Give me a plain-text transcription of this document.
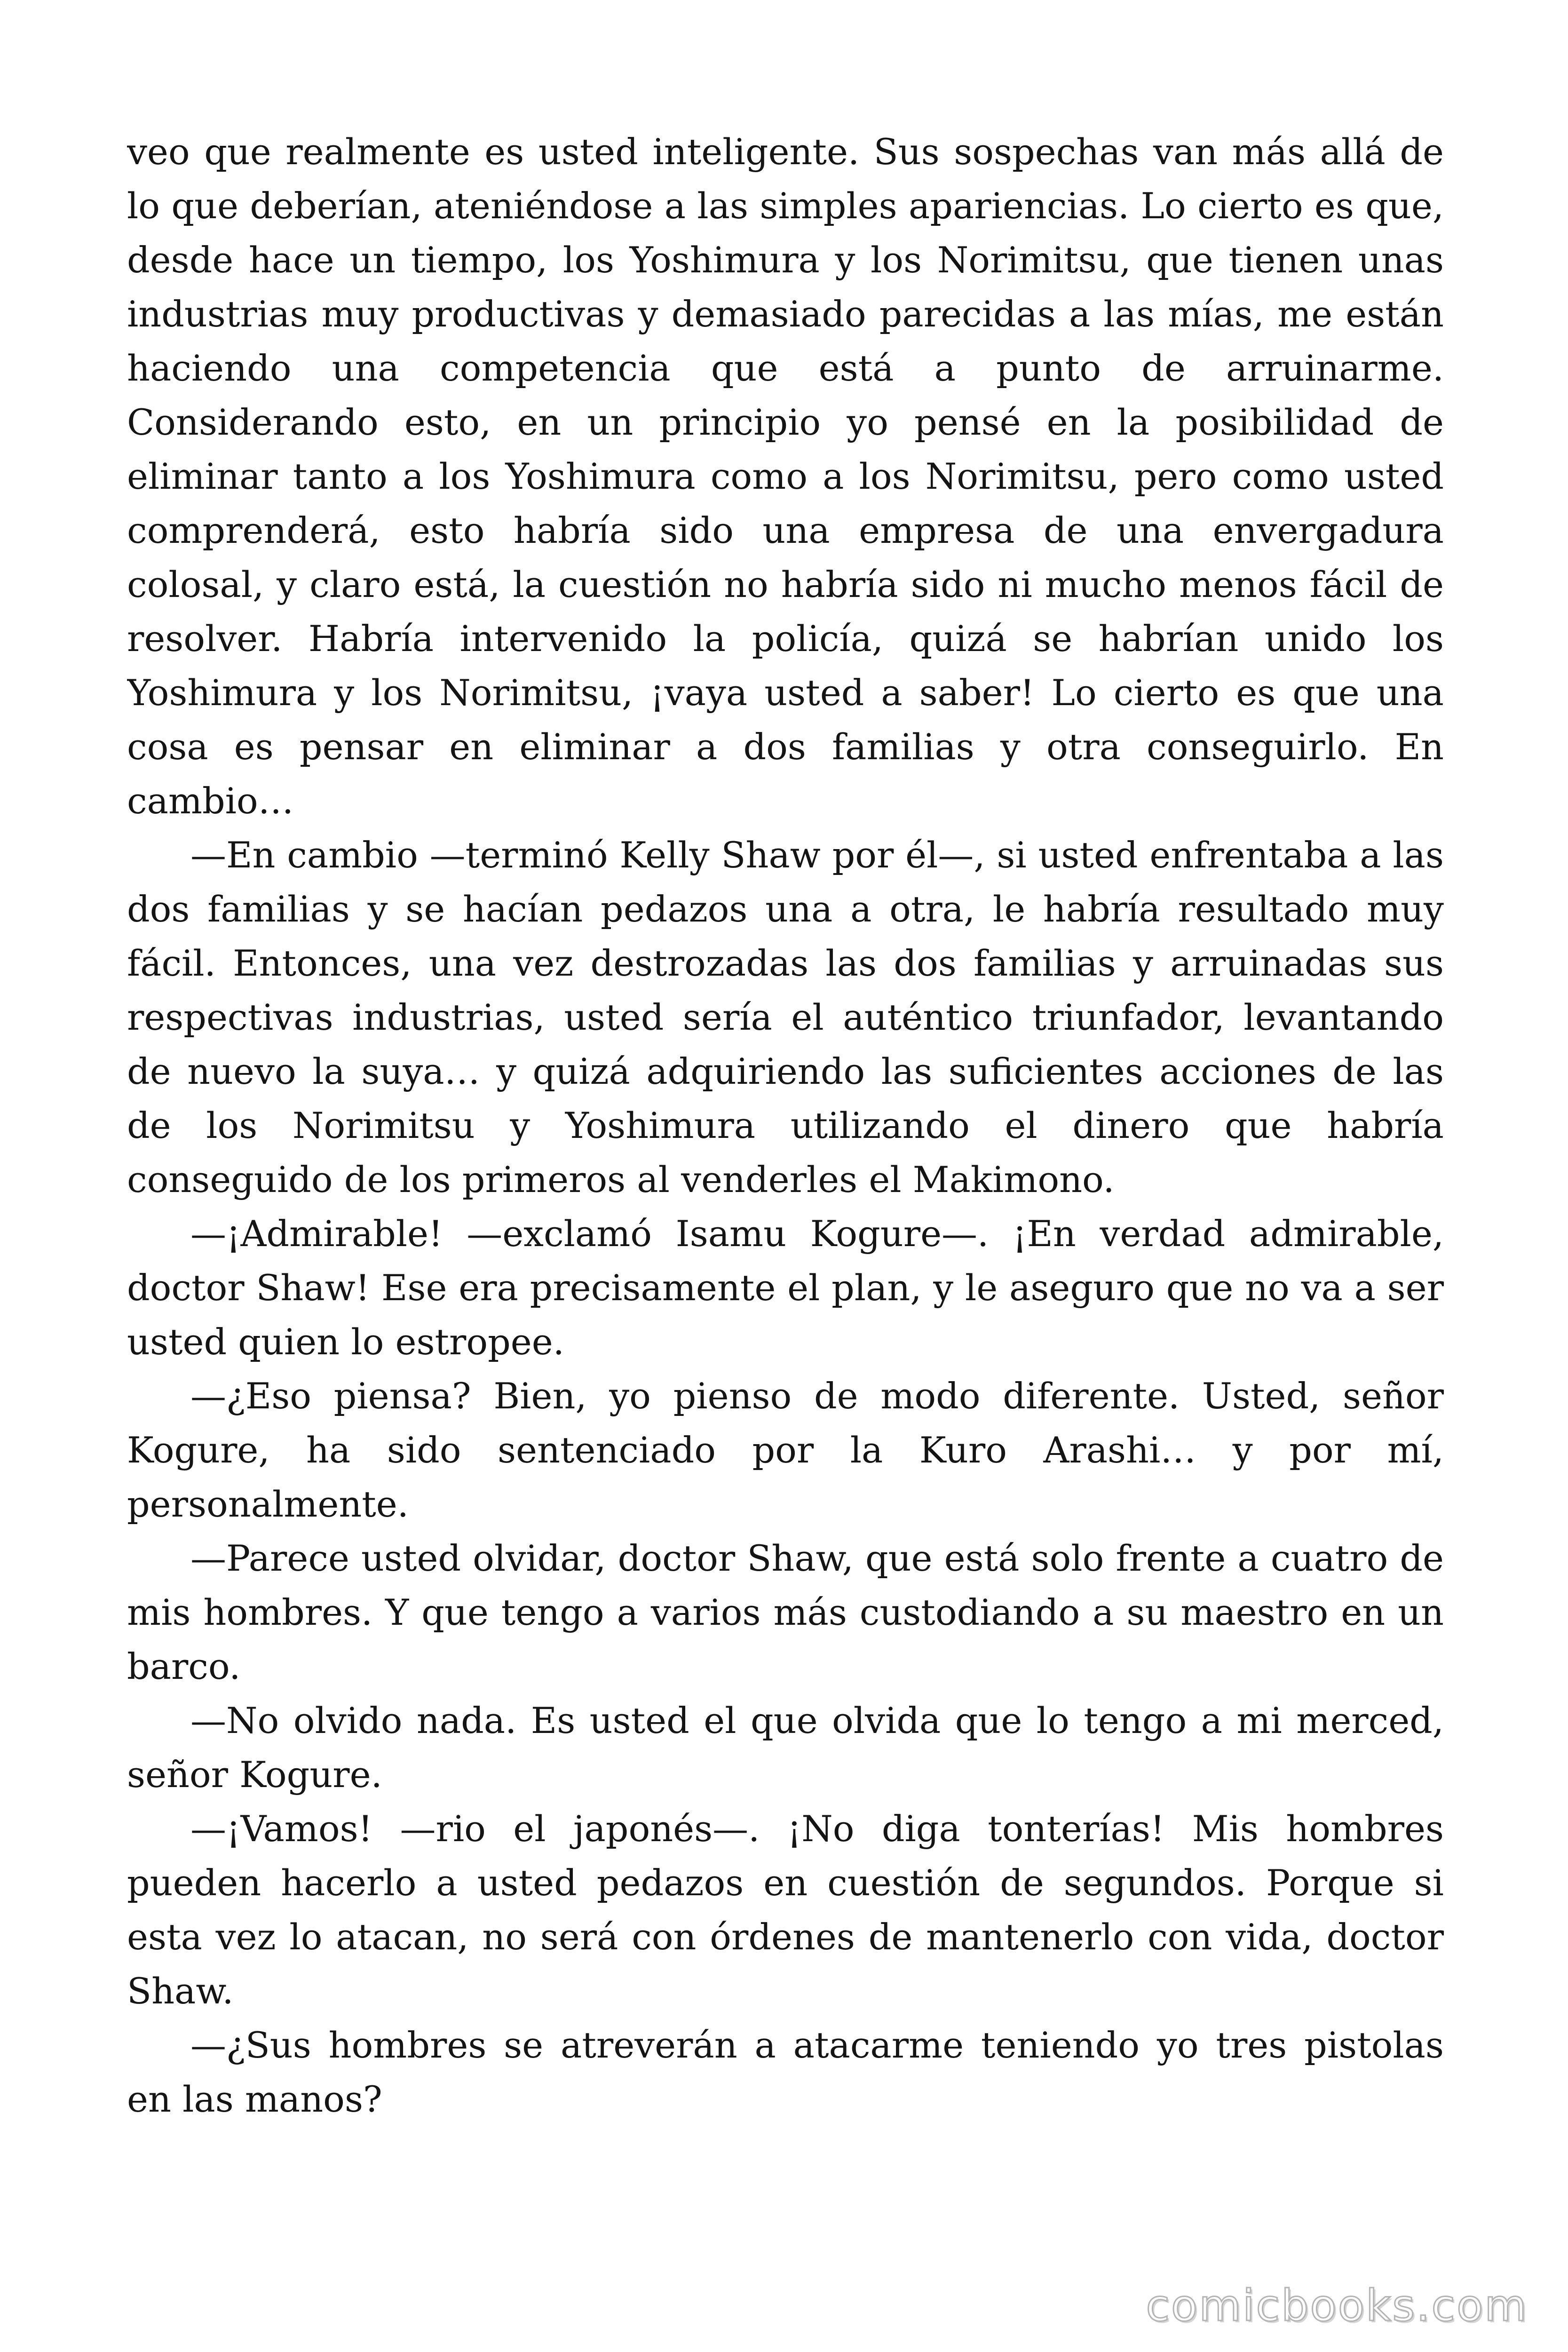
veo que realmente es usted inteligente. Sus sospechas van más allá de lo que deberían, ateniéndose a las simples apariencias. Lo cierto es que, desde hace un tiempo, los Yoshimura y los Norimitsu, que tienen unas industrias muy productivas y demasiado parecidas a las mías, me están haciendo una competencia que está a punto de arruinarme. Considerando esto, en un principio yo pensé en la posibilidad de eliminar tanto a los Yoshimura como a los Norimitsu, pero como usted comprenderá, esto habría sido una empresa de una envergadura colosal, y claro está, la cuestión no habría sido ni mucho menos fácil de resolver. Habría intervenido la policía, quizá se habrían unido los Yoshimura y los Norimitsu, ¡vaya usted a saber! Lo cierto es que una cosa es pensar en eliminar a dos familias y otra conseguirlo. En cambio…

—En cambio —terminó Kelly Shaw por él—, si usted enfrentaba a las dos familias y se hacían pedazos una a otra, le habría resultado muy fácil. Entonces, una vez destrozadas las dos familias y arruinadas sus respectivas industrias, usted sería el auténtico triunfador, levantando de nuevo la suya… y quizá adquiriendo las suficientes acciones de las de los Norimitsu y Yoshimura utilizando el dinero que habría conseguido de los primeros al venderles el Makimono.

—¡Admirable! —exclamó Isamu Kogure—. ¡En verdad admirable, doctor Shaw! Ese era precisamente el plan, y le aseguro que no va a ser usted quien lo estropee.

—¿Eso piensa? Bien, yo pienso de modo diferente. Usted, señor Kogure, ha sido sentenciado por la Kuro Arashi… y por mí, personalmente.

—Parece usted olvidar, doctor Shaw, que está solo frente a cuatro de mis hombres. Y que tengo a varios más custodiando a su maestro en un barco.

—No olvido nada. Es usted el que olvida que lo tengo a mi merced, señor Kogure.

—¡Vamos! —rio el japonés—. ¡No diga tonterías! Mis hombres pueden hacerlo a usted pedazos en cuestión de segundos. Porque si esta vez lo atacan, no será con órdenes de mantenerlo con vida, doctor Shaw.

—¿Sus hombres se atreverán a atacarme teniendo yo tres pistolas en las manos?

comicbooks.com
